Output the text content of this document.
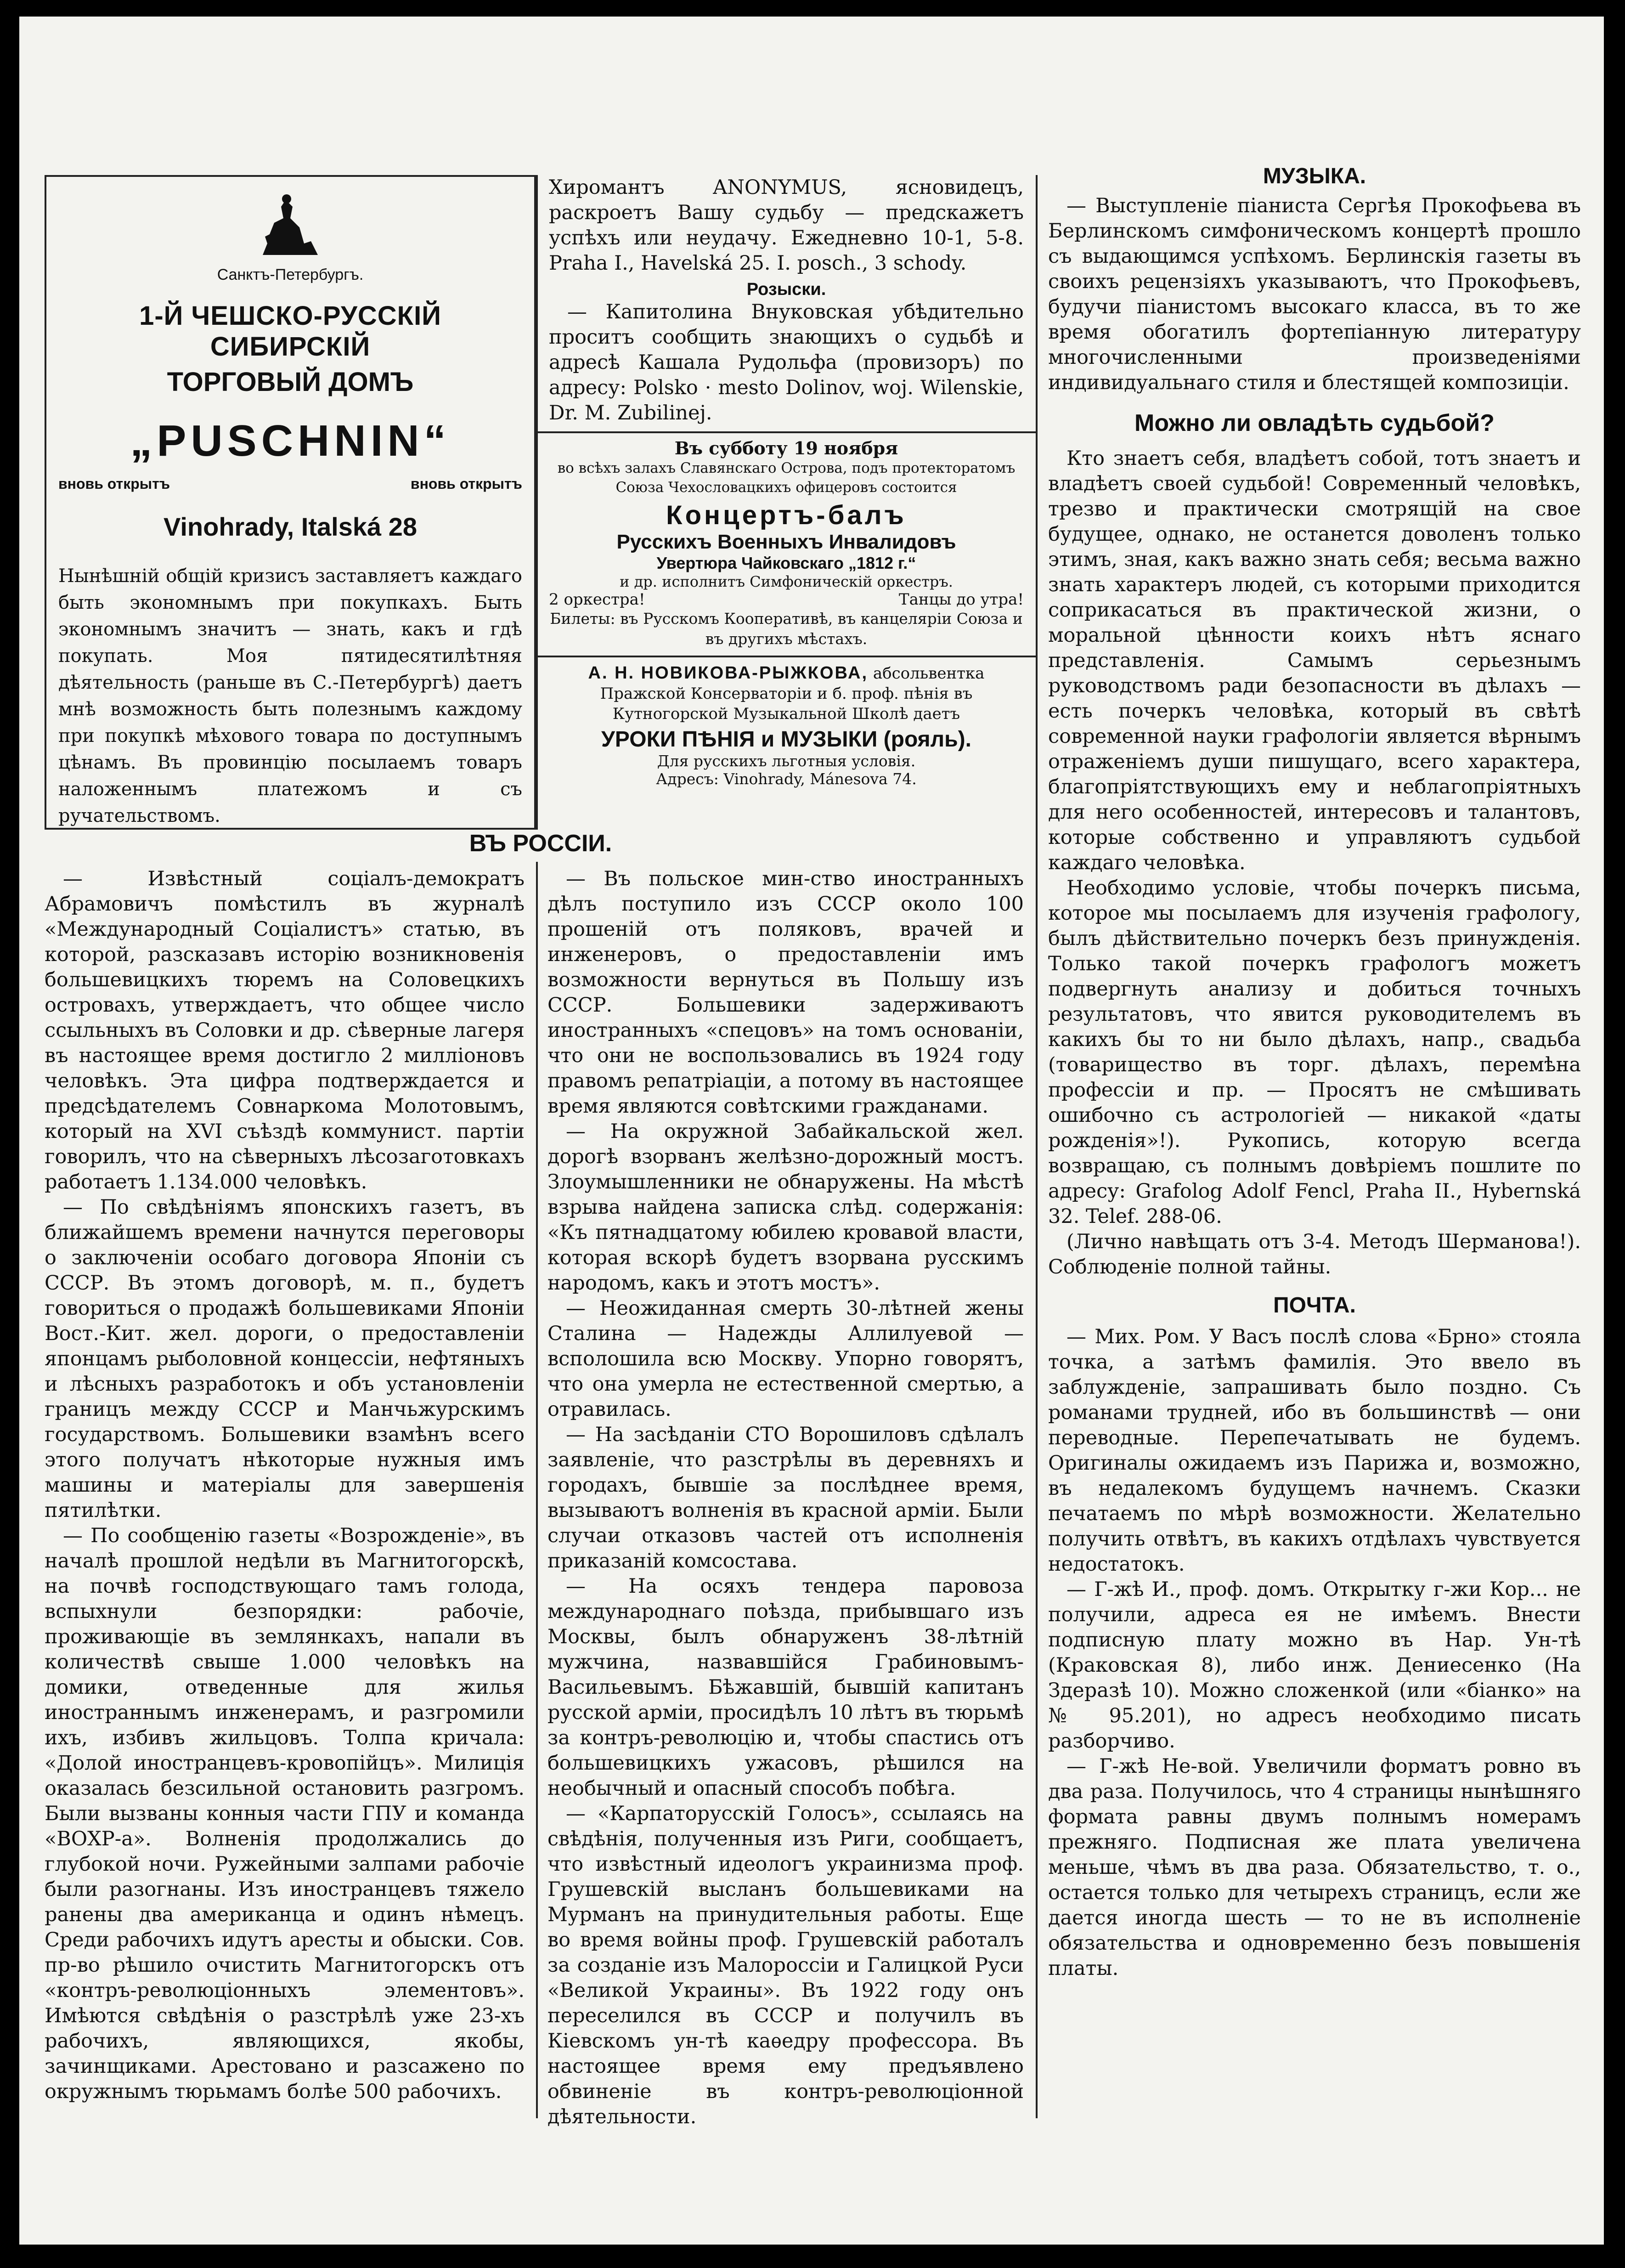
Санктъ-Петербургъ.
1-Й ЧЕШСКО-РУССКІЙ СИБИРСКІЙ
ТОРГОВЫЙ ДОМЪ
„PUSCHNIN“
вновь открытъ	вновь открытъ
Vinohrady, Italská 28

Нынѣшній общій кризисъ заставляетъ каждаго быть экономнымъ при покупкахъ. Быть экономнымъ значитъ — знать, какъ и гдѣ покупать. Моя пятидесятилѣтняя дѣятельность (раньше въ С.-Петербургѣ) даетъ мнѣ возможность быть полезнымъ каждому при покупкѣ мѣхового товара по доступнымъ цѣнамъ. Въ провинцію посылаемъ товаръ наложеннымъ платежомъ и съ ручательствомъ.

Хиромантъ ANONYMUS, ясновидецъ, раскроетъ Вашу судьбу — предскажетъ успѣхъ или неудачу. Ежедневно 10-1, 5-8. Praha I., Havelská 25. I. posch., 3 schody.

Розыски.

— Капитолина Внуковская убѣдительно проситъ сообщить знающихъ о судьбѣ и адресѣ Кашала Рудольфа (провизоръ) по адресу: Polsko · mesto Dolinov, woj. Wilenskie, Dr. M. Zubilinej.

Въ субботу 19 ноября
во всѣхъ залахъ Славянскаго Острова, подъ протекторатомъ Союза Чехословацкихъ офицеровъ состоится
Концертъ-балъ
Русскихъ Военныхъ Инвалидовъ
Увертюра Чайковскаго „1812 г.“
и др. исполнитъ Симфоническій оркестръ.
2 оркестра!	Танцы до утра!
Билеты: въ Русскомъ Кооперативѣ, въ канцеляріи Союза и въ другихъ мѣстахъ.
А. Н. НОВИКОВА-РЫЖКОВА, абсольвентка Пражской Консерваторіи и б. проф. пѣнія въ Кутногорской Музыкальной Школѣ даетъ
УРОКИ ПѢНІЯ и МУЗЫКИ (рояль).
Для русскихъ льготныя условія.
Адресъ: Vinohrady, Mánesova 74.
ВЪ РОССІИ.

— Извѣстный соціалъ-демократъ Абрамовичъ помѣстилъ въ журналѣ «Международный Соціалистъ» статью, въ которой, разсказавъ исторію возникновенія большевицкихъ тюремъ на Соловецкихъ островахъ, утверждаетъ, что общее число ссыльныхъ въ Соловки и др. сѣверные лагеря въ настоящее время достигло 2 милліоновъ человѣкъ. Эта цифра подтверждается и предсѣдателемъ Совнаркома Молотовымъ, который на XVI съѣздѣ коммунист. партіи говорилъ, что на сѣверныхъ лѣсозаготовкахъ работаетъ 1.134.000 человѣкъ.

— По свѣдѣніямъ японскихъ газетъ, въ ближайшемъ времени начнутся переговоры о заключеніи особаго договора Японіи съ СССР. Въ этомъ договорѣ, м. п., будетъ говориться о продажѣ большевиками Японіи Вост.-Кит. жел. дороги, о предоставленіи японцамъ рыболовной концессіи, нефтяныхъ и лѣсныхъ разработокъ и объ установленіи границъ между СССР и Манчьжурскимъ государствомъ. Большевики взамѣнъ всего этого получатъ нѣкоторые нужныя имъ машины и матеріалы для завершенія пятилѣтки.

— По сообщенію газеты «Возрожденіе», въ началѣ прошлой недѣли въ Магнитогорскѣ, на почвѣ господствующаго тамъ голода, вспыхнули безпорядки: рабочіе, проживающіе въ землянкахъ, напали въ количествѣ свыше 1.000 человѣкъ на домики, отведенные для жилья иностраннымъ инженерамъ, и разгромили ихъ, избивъ жильцовъ. Толпа кричала: «Долой иностранцевъ-кровопійцъ». Милиція оказалась безсильной остановить разгромъ. Были вызваны конныя части ГПУ и команда «ВОХР-а». Волненія продолжались до глубокой ночи. Ружейными залпами рабочіе были разогнаны. Изъ иностранцевъ тяжело ранены два американца и одинъ нѣмецъ. Среди рабочихъ идутъ аресты и обыски. Сов. пр-во рѣшило очистить Магнитогорскъ отъ «контръ-революціонныхъ элементовъ». Имѣются свѣдѣнія о разстрѣлѣ уже 23-хъ рабочихъ, являющихся, якобы, зачинщиками. Арестовано и разсажено по окружнымъ тюрьмамъ болѣе 500 рабочихъ.

— Въ польское мин-ство иностранныхъ дѣлъ поступило изъ СССР около 100 прошеній отъ поляковъ, врачей и инженеровъ, о предоставленіи имъ возможности вернуться въ Польшу изъ СССР. Большевики задерживаютъ иностранныхъ «спецовъ» на томъ основаніи, что они не воспользовались въ 1924 году правомъ репатріаціи, а потому въ настоящее время являются совѣтскими гражданами.

— На окружной Забайкальской жел. дорогѣ взорванъ желѣзно-дорожный мостъ. Злоумышленники не обнаружены. На мѣстѣ взрыва найдена записка слѣд. содержанія: «Къ пятнадцатому юбилею кровавой власти, которая вскорѣ будетъ взорвана русскимъ народомъ, какъ и этотъ мостъ».

— Неожиданная смерть 30-лѣтней жены Сталина — Надежды Аллилуевой — всполошила всю Москву. Упорно говорятъ, что она умерла не естественной смертью, а отравилась.

— На засѣданіи СТО Ворошиловъ сдѣлалъ заявленіе, что разстрѣлы въ деревняхъ и городахъ, бывшіе за послѣднее время, вызываютъ волненія въ красной арміи. Были случаи отказовъ частей отъ исполненія приказаній комсостава.

— На осяхъ тендера паровоза международнаго поѣзда, прибывшаго изъ Москвы, былъ обнаруженъ 38-лѣтній мужчина, назвавшійся Грабиновымъ-Васильевымъ. Бѣжавшій, бывшій капитанъ русской арміи, просидѣлъ 10 лѣтъ въ тюрьмѣ за контръ-революцію и, чтобы спастись отъ большевицкихъ ужасовъ, рѣшился на необычный и опасный способъ побѣга.

— «Карпаторусскій Голосъ», ссылаясь на свѣдѣнія, полученныя изъ Риги, сообщаетъ, что извѣстный идеологъ украинизма проф. Грушевскій высланъ большевиками на Мурманъ на принудительныя работы. Еще во время войны проф. Грушевскій работалъ за созданіе изъ Малороссіи и Галицкой Руси «Великой Украины». Въ 1922 году онъ переселился въ СССР и получилъ въ Кіевскомъ ун-тѣ каѳедру профессора. Въ настоящее время ему предъявлено обвиненіе въ контръ-революціонной дѣятельности.

МУЗЫКА.

— Выступленіе піаниста Сергѣя Прокофьева въ Берлинскомъ симфоническомъ концертѣ прошло съ выдающимся успѣхомъ. Берлинскія газеты въ своихъ рецензіяхъ указываютъ, что Прокофьевъ, будучи піанистомъ высокаго класса, въ то же время обогатилъ фортепіанную литературу многочисленными произведеніями индивидуальнаго стиля и блестящей композиціи.

Можно ли овладѣть судьбой?

Кто знаетъ себя, владѣетъ собой, тотъ знаетъ и владѣетъ своей судьбой! Современный человѣкъ, трезво и практически смотрящій на свое будущее, однако, не останется доволенъ только этимъ, зная, какъ важно знать себя; весьма важно знать характеръ людей, съ которыми приходится соприкасаться въ практической жизни, о моральной цѣнности коихъ нѣтъ яснаго представленія. Самымъ серьезнымъ руководствомъ ради безопасности въ дѣлахъ — есть почеркъ человѣка, который въ свѣтѣ современной науки графологіи является вѣрнымъ отраженіемъ души пишущаго, всего характера, благопріятствующихъ ему и неблагопріятныхъ для него особенностей, интересовъ и талантовъ, которые собственно и управляютъ судьбой каждаго человѣка.

Необходимо условіе, чтобы почеркъ письма, которое мы посылаемъ для изученія графологу, былъ дѣйствительно почеркъ безъ принужденія. Только такой почеркъ графологъ можетъ подвергнуть анализу и добиться точныхъ результатовъ, что явится руководителемъ въ какихъ бы то ни было дѣлахъ, напр., свадьба (товарищество въ торг. дѣлахъ, перемѣна профессіи и пр. — Просятъ не смѣшивать ошибочно съ астрологіей — никакой «даты рожденія»!). Рукопись, которую всегда возвращаю, съ полнымъ довѣріемъ пошлите по адресу: Grafolog Adolf Fencl, Praha II., Hybernská 32. Telef. 288-06.

(Лично навѣщать отъ 3-4. Методъ Шерманова!). Соблюденіе полной тайны.

ПОЧТА.

— Мих. Ром. У Васъ послѣ слова «Брно» стояла точка, а затѣмъ фамилія. Это ввело въ заблужденіе, запрашивать было поздно. Съ романами трудней, ибо въ большинствѣ — они переводные. Перепечатывать не будемъ. Оригиналы ожидаемъ изъ Парижа и, возможно, въ недалекомъ будущемъ начнемъ. Сказки печатаемъ по мѣрѣ возможности. Желательно получить отвѣтъ, въ какихъ отдѣлахъ чувствуется недостатокъ.

— Г-жѣ И., проф. домъ. Открытку г-жи Кор... не получили, адреса ея не имѣемъ. Внести подписную плату можно въ Нар. Ун-тѣ (Краковская 8), либо инж. Дениесенко (На Здеразѣ 10). Можно сложенкой (или «біанко» на № 95.201), но адресъ необходимо писать разборчиво.

— Г-жѣ Не-вой. Увеличили форматъ ровно въ два раза. Получилось, что 4 страницы нынѣшняго формата равны двумъ полнымъ номерамъ прежняго. Подписная же плата увеличена меньше, чѣмъ въ два раза. Обязательство, т. о., остается только для четырехъ страницъ, если же дается иногда шесть — то не въ исполненіе обязательства и одновременно безъ повышенія платы.
